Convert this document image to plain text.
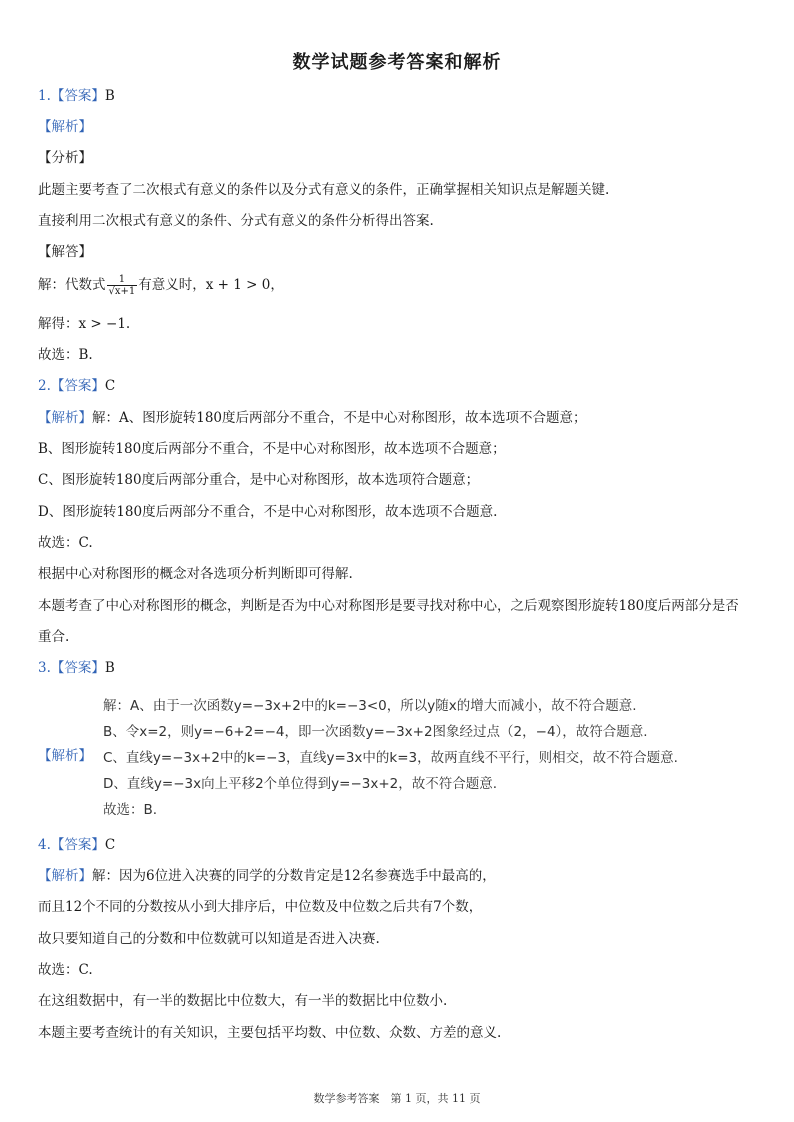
数学试题参考答案和解析
1.【答案】B
【解析】
【分析】
此题主要考查了二次根式有意义的条件以及分式有意义的条件，正确掌握相关知识点是解题关键.
直接利用二次根式有意义的条件、分式有意义的条件分析得出答案.
【解答】
解：代数式 $\frac{1}{√x+1}$ 有意义时，x + 1 > 0，
解得：x > −1.
故选：B.
2.【答案】C
【解析】解：A、图形旋转180度后两部分不重合，不是中心对称图形，故本选项不合题意；
B、图形旋转180度后两部分不重合，不是中心对称图形，故本选项不合题意；
C、图形旋转180度后两部分重合，是中心对称图形，故本选项符合题意；
D、图形旋转180度后两部分不重合，不是中心对称图形，故本选项不合题意.
故选：C.
根据中心对称图形的概念对各选项分析判断即可得解.
本题考查了中心对称图形的概念，判断是否为中心对称图形是要寻找对称中心，之后观察图形旋转180度后两部分是否
重合.
3.【答案】B
解：A、由于一次函数y=−3x+2中的k=−3<0，所以y随x的增大而减小，故不符合题意.
B、令x=2，则y=−6+2=−4，即一次函数y=−3x+2图象经过点（2，−4），故符合题意.
【解析】 C、直线y=−3x+2中的k=−3，直线y=3x中的k=3，故两直线不平行，则相交，故不符合题意.
D、直线y=−3x向上平移2个单位得到y=−3x+2，故不符合题意.
故选：B.
4.【答案】C
【解析】解：因为6位进入决赛的同学的分数肯定是12名参赛选手中最高的，
而且12个不同的分数按从小到大排序后，中位数及中位数之后共有7个数，
故只要知道自己的分数和中位数就可以知道是否进入决赛.
故选：C.
在这组数据中，有一半的数据比中位数大，有一半的数据比中位数小.
本题主要考查统计的有关知识，主要包括平均数、中位数、众数、方差的意义.
数学参考答案　第 1 页，共 11 页
